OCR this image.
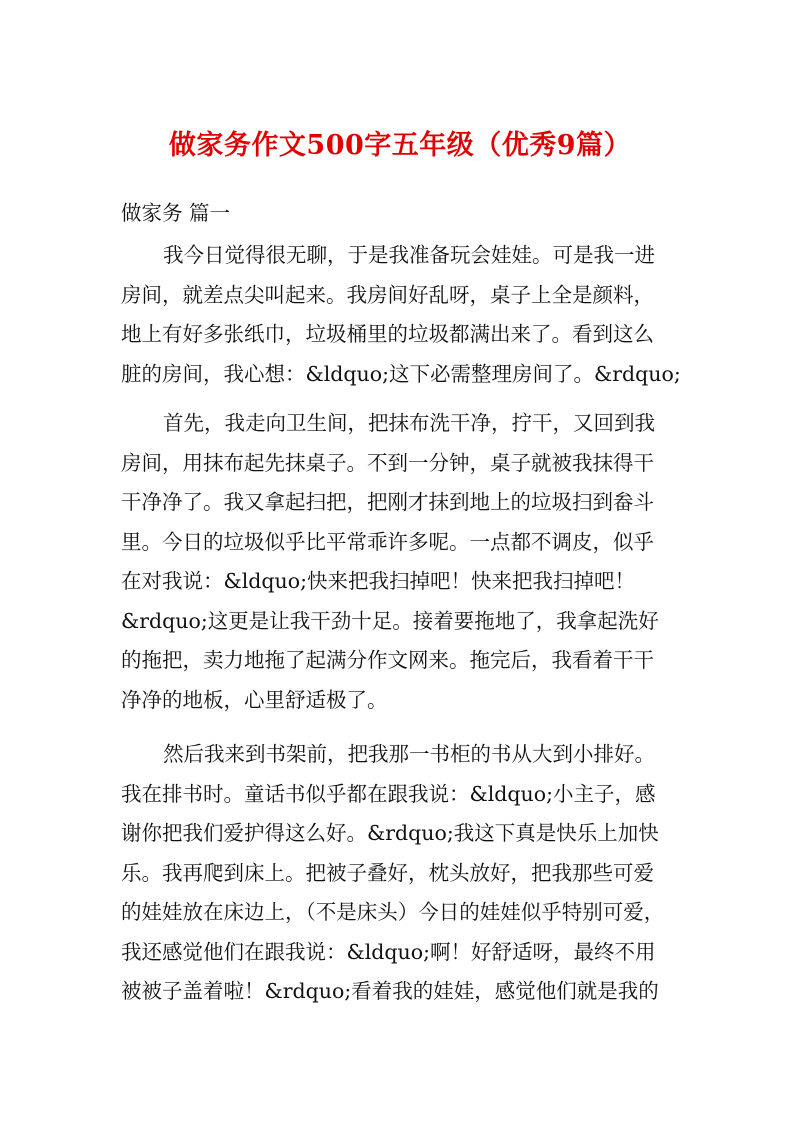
做家务作文500字五年级（优秀9篇）
做家务 篇一
我今日觉得很无聊，于是我准备玩会娃娃。可是我一进
房间，就差点尖叫起来。我房间好乱呀，桌子上全是颜料，
地上有好多张纸巾，垃圾桶里的垃圾都满出来了。看到这么
脏的房间，我心想：&ldquo;这下必需整理房间了。&rdquo;
首先，我走向卫生间，把抹布洗干净，拧干，又回到我
房间，用抹布起先抹桌子。不到一分钟，桌子就被我抹得干
干净净了。我又拿起扫把，把刚才抹到地上的垃圾扫到畚斗
里。今日的垃圾似乎比平常乖许多呢。一点都不调皮，似乎
在对我说：&ldquo;快来把我扫掉吧！快来把我扫掉吧！
&rdquo;这更是让我干劲十足。接着要拖地了，我拿起洗好
的拖把，卖力地拖了起满分作文网来。拖完后，我看着干干
净净的地板，心里舒适极了。
然后我来到书架前，把我那一书柜的书从大到小排好。
我在排书时。童话书似乎都在跟我说：&ldquo;小主子，感
谢你把我们爱护得这么好。&rdquo;我这下真是快乐上加快
乐。我再爬到床上。把被子叠好，枕头放好，把我那些可爱
的娃娃放在床边上，（不是床头）今日的娃娃似乎特别可爱，
我还感觉他们在跟我说：&ldquo;啊！好舒适呀，最终不用
被被子盖着啦！&rdquo;看着我的娃娃，感觉他们就是我的
